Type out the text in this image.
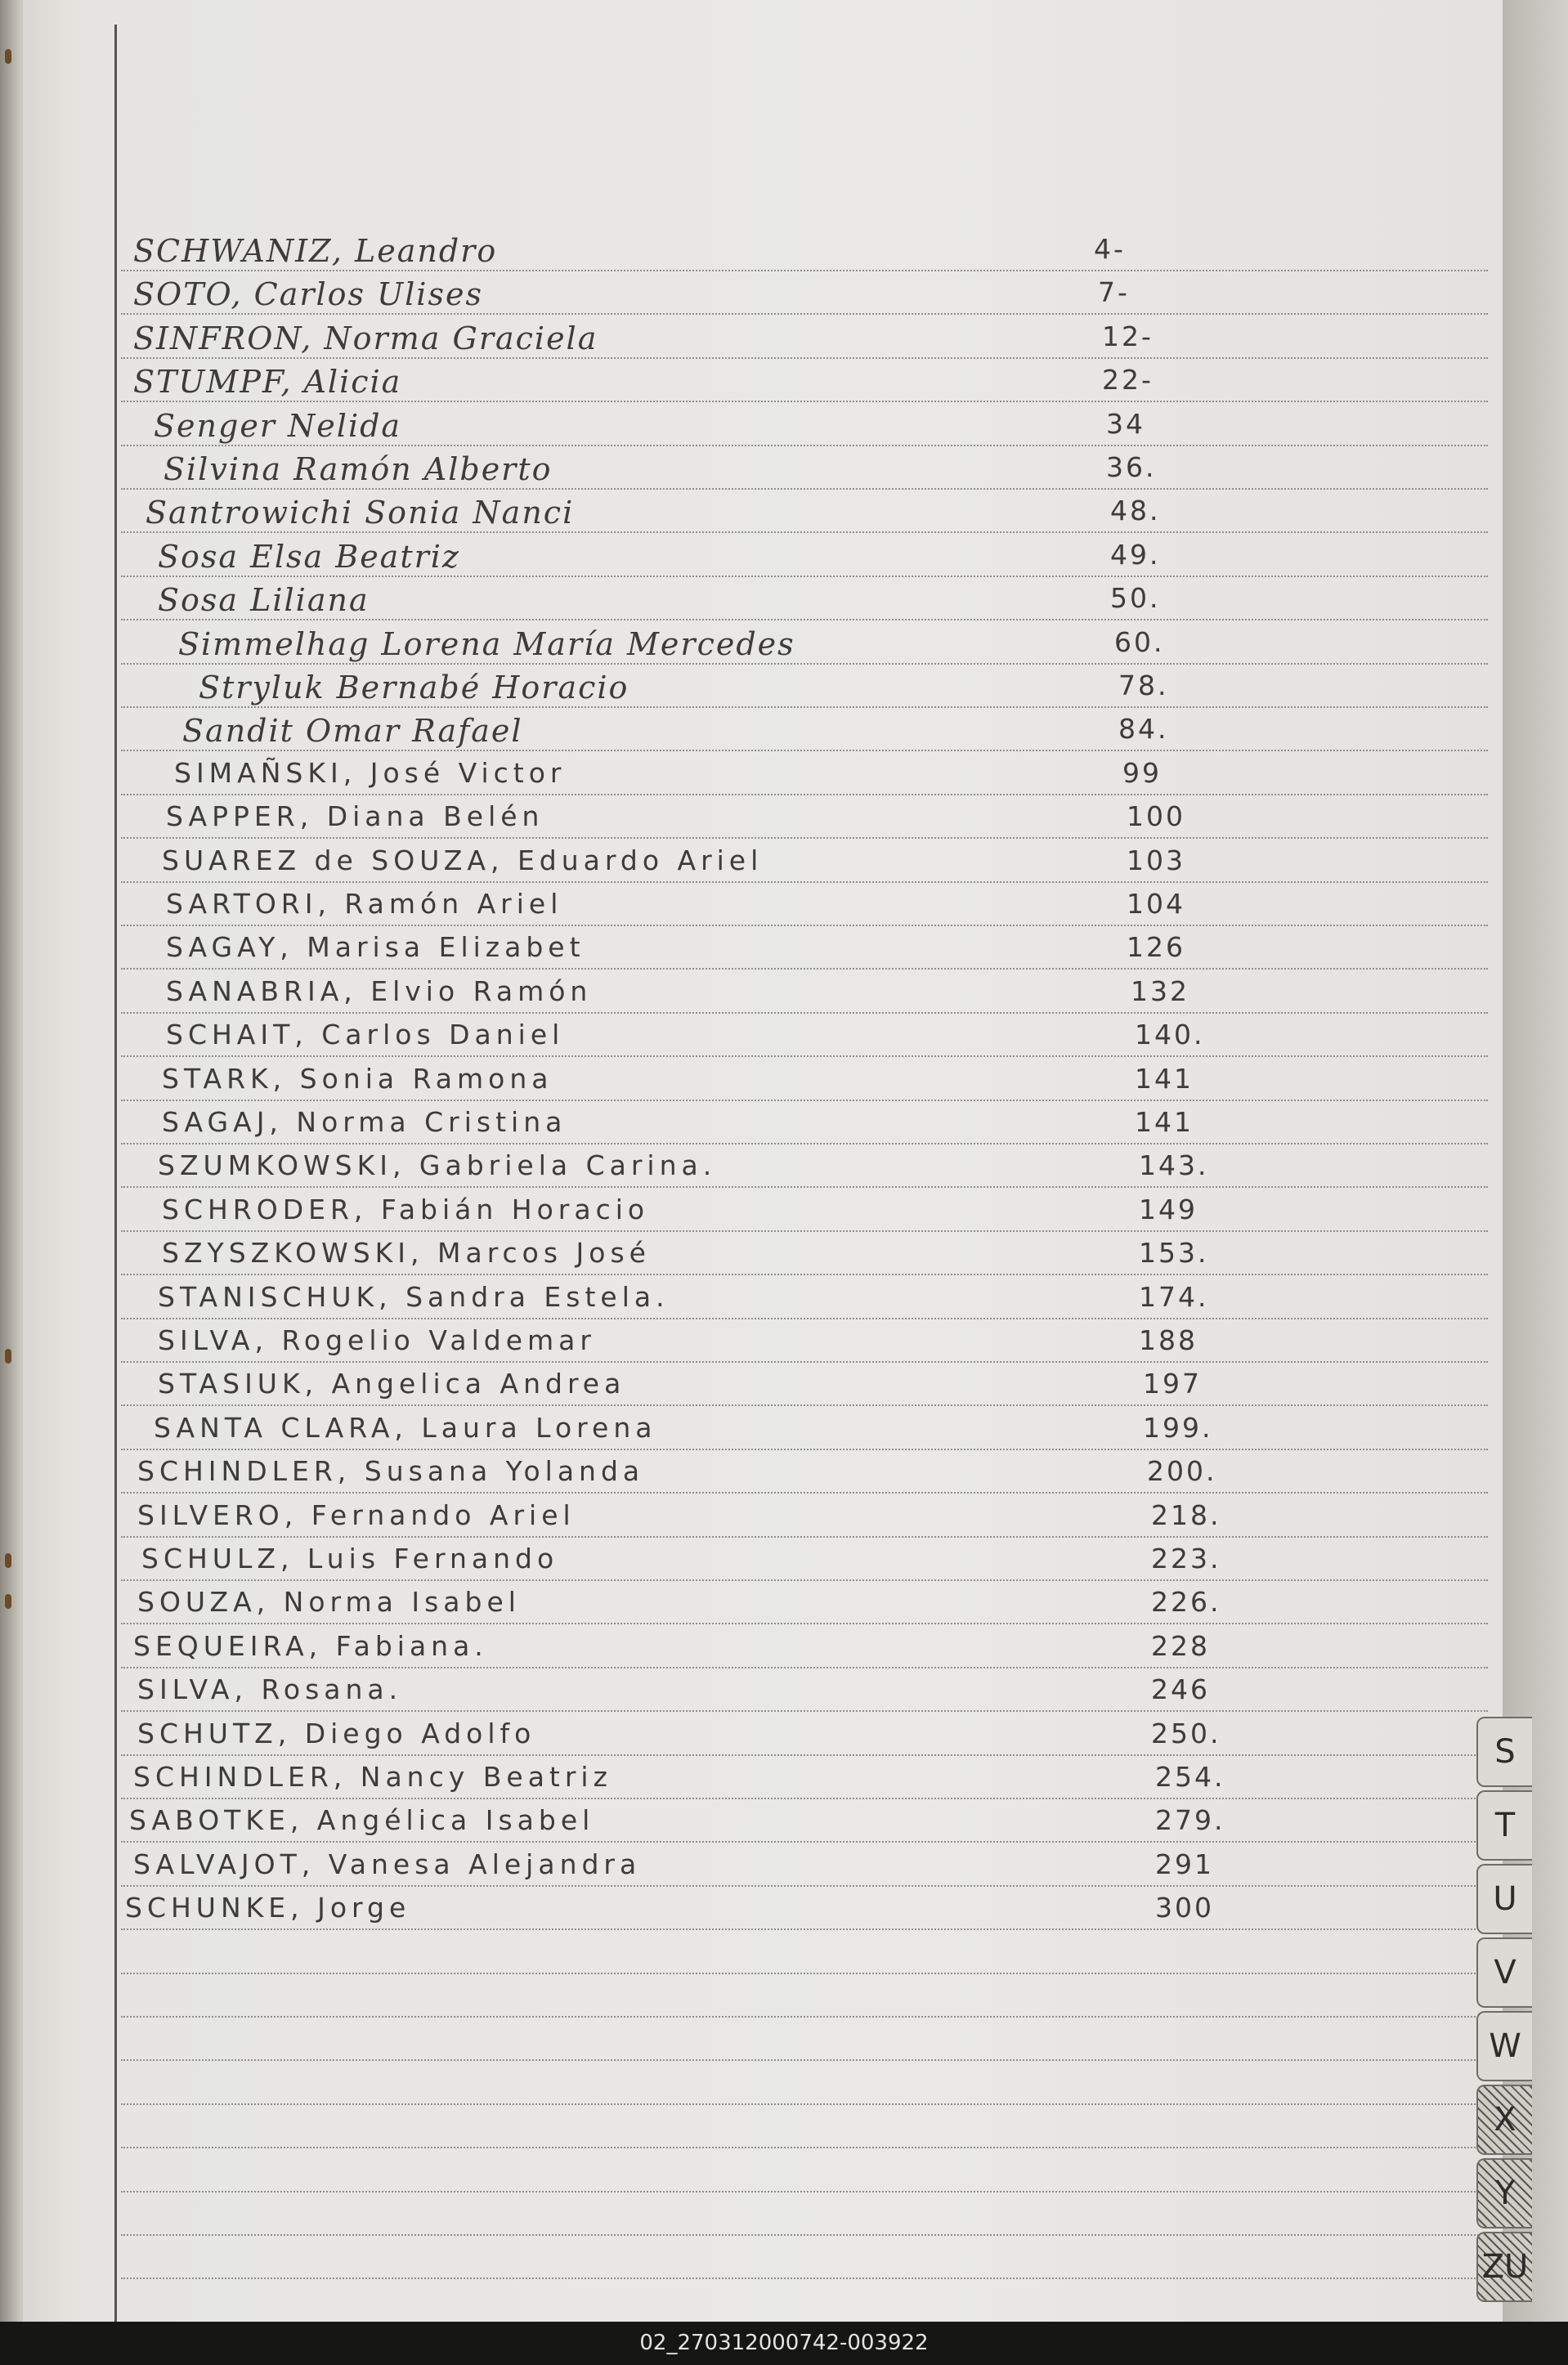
SCHWANIZ, Leandro	4-
SOTO, Carlos Ulises	7-
SINFRON, Norma Graciela	12-
STUMPF, Alicia	22-
Senger Nelida	34
Silvina Ramón Alberto	36.
Santrowichi Sonia Nanci	48.
Sosa Elsa Beatriz	49.
Sosa Liliana	50.
Simmelhag Lorena María Mercedes	60.
Stryluk Bernabé Horacio	78.
Sandit Omar Rafael	84.
SIMAÑSKI, José Victor	99
SAPPER, Diana Belén	100
SUAREZ de SOUZA, Eduardo Ariel	103
SARTORI, Ramón Ariel	104
SAGAY, Marisa Elizabet	126
SANABRIA, Elvio Ramón	132
SCHAIT, Carlos Daniel	140.
STARK, Sonia Ramona	141
SAGAJ, Norma Cristina	141
SZUMKOWSKI, Gabriela Carina.	143.
SCHRODER, Fabián Horacio	149
SZYSZKOWSKI, Marcos José	153.
STANISCHUK, Sandra Estela.	174.
SILVA, Rogelio Valdemar	188
STASIUK, Angelica Andrea	197
SANTA CLARA, Laura Lorena	199.
SCHINDLER, Susana Yolanda	200.
SILVERO, Fernando Ariel	218.
SCHULZ, Luis Fernando	223.
SOUZA, Norma Isabel	226.
SEQUEIRA, Fabiana.	228
SILVA, Rosana.	246
SCHUTZ, Diego Adolfo	250.
SCHINDLER, Nancy Beatriz	254.
SABOTKE, Angélica Isabel	279.
SALVAJOT, Vanesa Alejandra	291
SCHUNKE, Jorge	300
S
T
U
V
W
X
Y
ZU
02_270312000742-003922
